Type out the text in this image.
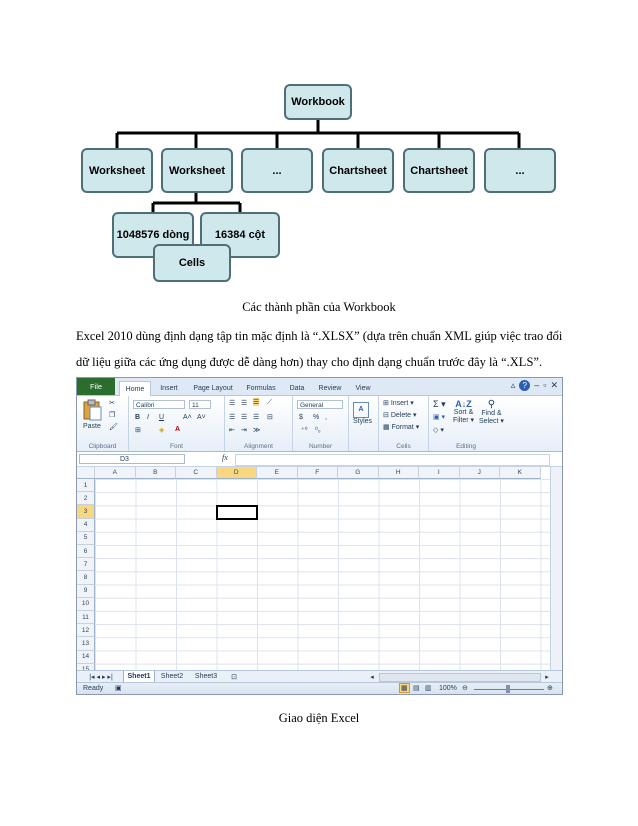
Workbook
Worksheet	Worksheet	...	Chartsheet	Chartsheet	...
1048576 dòng	16384 cột
Cells
Các thành phần của Workbook
Excel 2010 dùng định dạng tập tin mặc định là “.XLSX” (dựa trên chuẩn XML giúp việc trao đổi
dữ liệu giữa các ứng dụng được dễ dàng hơn) thay cho định dạng chuẩn trước đây là “.XLS”.
File	Home	Insert	Page Layout	Formulas	Data	Review	View	▵ ? – ▫ ✕
Paste
✂
❐
🖌
Clipboard
Calibri	11
B I U	A˄ A˅
⊞	◈ A
Font
☰ ☰ ☰ ⟋
☰ ☰ ☰ ⊟
⇤ ⇥ ≫
Alignment
General
$ % ,
⁺⁰ ⁰₀
Number
A
Styles
⊞ Insert ▾
⊟ Delete ▾
▦ Format ▾
Cells
Σ ▾
▣ ▾
◇ ▾
A↓Z
Sort &
Filter ▾
⚲
Find &
Select ▾
Editing
D3	fx
A	B	C	D	E	F	G	H	I	J	K
1
2
3
4
5
6
7
8
9
10
11
12
13
14
|◂ ◂ ▸ ▸|	Sheet1	Sheet2	Sheet3	⊡	◂	▸
Ready ▣	▦ ▤ ▥ 100% ⊖	⊕
Giao diện Excel
